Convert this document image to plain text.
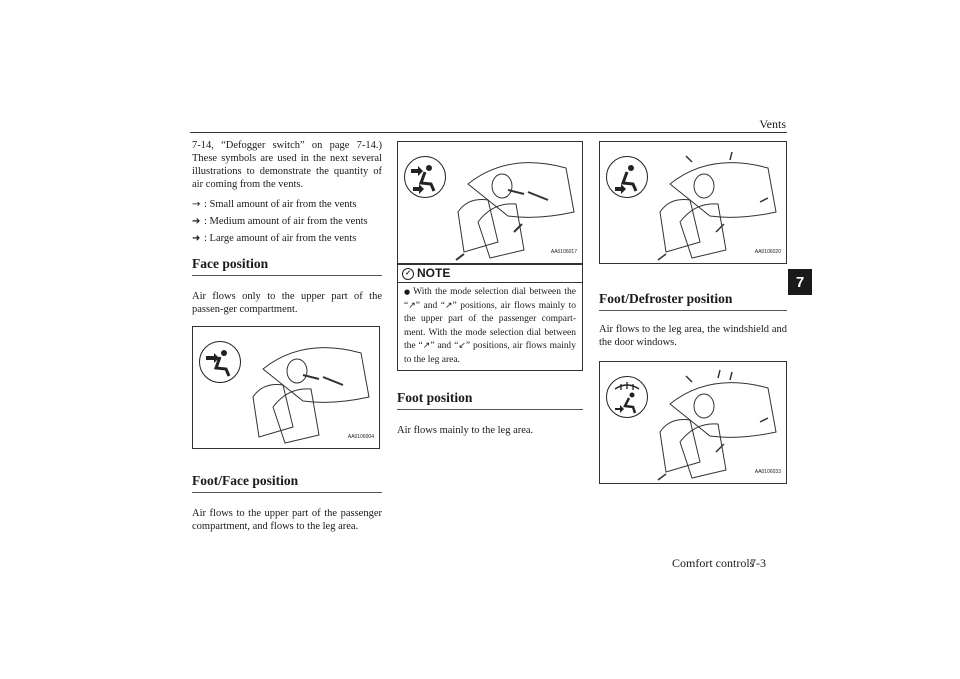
Vents
7

7-14, “Defogger switch” on page 7-14.) These symbols are used in the next several illustrations to demonstrate the quantity of air coming from the vents.

→ : Small amount of air from the vents
➔ : Medium amount of air from the vents
➜ : Large amount of air from the vents
Face position

Air flows only to the upper part of the passen-ger compartment.

AA0106004
Foot/Face position

Air flows to the upper part of the passenger compartment, and flows to the leg area.

AA0106017
✓ NOTE
● With the mode selection dial between the “↗” and “↗” positions, air flows mainly to the upper part of the passenger compart-ment. With the mode selection dial between the “↗” and “↙” positions, air flows mainly to the leg area.
Foot position

Air flows mainly to the leg area.

AA0106020
Foot/Defroster position

Air flows to the leg area, the windshield and the door windows.

AA0106033
Comfort controls
7-3
